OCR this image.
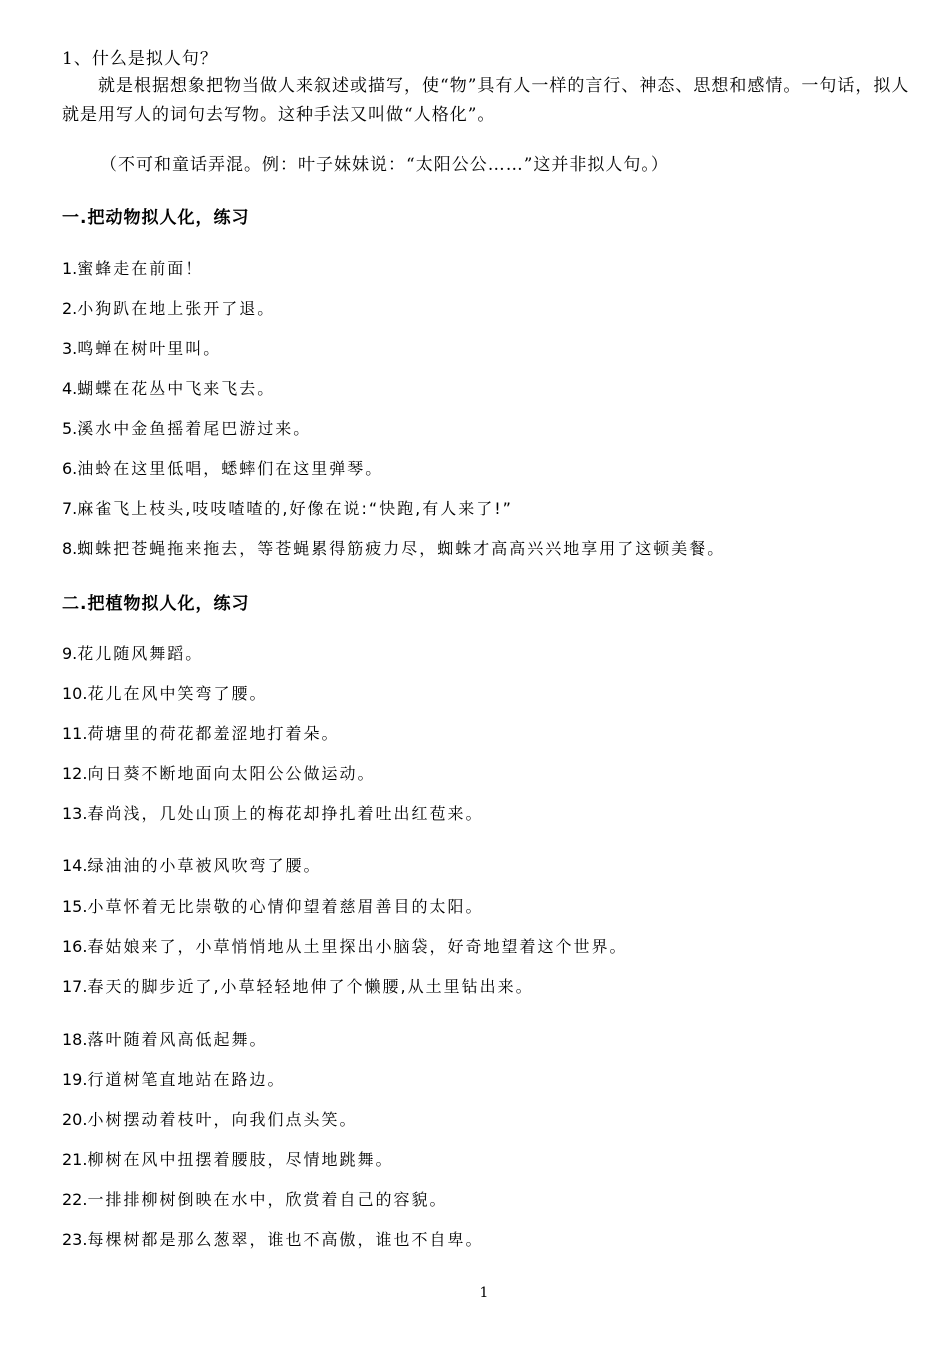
1、什么是拟人句？
就是根据想象把物当做人来叙述或描写，使“物”具有人一样的言行、神态、思想和感情。一句话，拟人就是用写人的词句去写物。这种手法又叫做“人格化”。
（不可和童话弄混。例：叶子妹妹说：“太阳公公……”这并非拟人句。）
一.把动物拟人化，练习
1.蜜蜂走在前面！
2.小狗趴在地上张开了退。
3.鸣蝉在树叶里叫。
4.蝴蝶在花丛中飞来飞去。
5.溪水中金鱼摇着尾巴游过来。
6.油蛉在这里低唱，蟋蟀们在这里弹琴。
7.麻雀飞上枝头,吱吱喳喳的,好像在说:“快跑,有人来了!”
8.蜘蛛把苍蝇拖来拖去，等苍蝇累得筋疲力尽，蜘蛛才高高兴兴地享用了这顿美餐。
二.把植物拟人化，练习
9.花儿随风舞蹈。
10.花儿在风中笑弯了腰。
11.荷塘里的荷花都羞涩地打着朵。
12.向日葵不断地面向太阳公公做运动。
13.春尚浅，几处山顶上的梅花却挣扎着吐出红苞来。
14.绿油油的小草被风吹弯了腰。
15.小草怀着无比崇敬的心情仰望着慈眉善目的太阳。
16.春姑娘来了，小草悄悄地从土里探出小脑袋，好奇地望着这个世界。
17.春天的脚步近了,小草轻轻地伸了个懒腰,从土里钻出来。
18.落叶随着风高低起舞。
19.行道树笔直地站在路边。
20.小树摆动着枝叶，向我们点头笑。
21.柳树在风中扭摆着腰肢，尽情地跳舞。
22.一排排柳树倒映在水中，欣赏着自己的容貌。
23.每棵树都是那么葱翠，谁也不高傲，谁也不自卑。
1
